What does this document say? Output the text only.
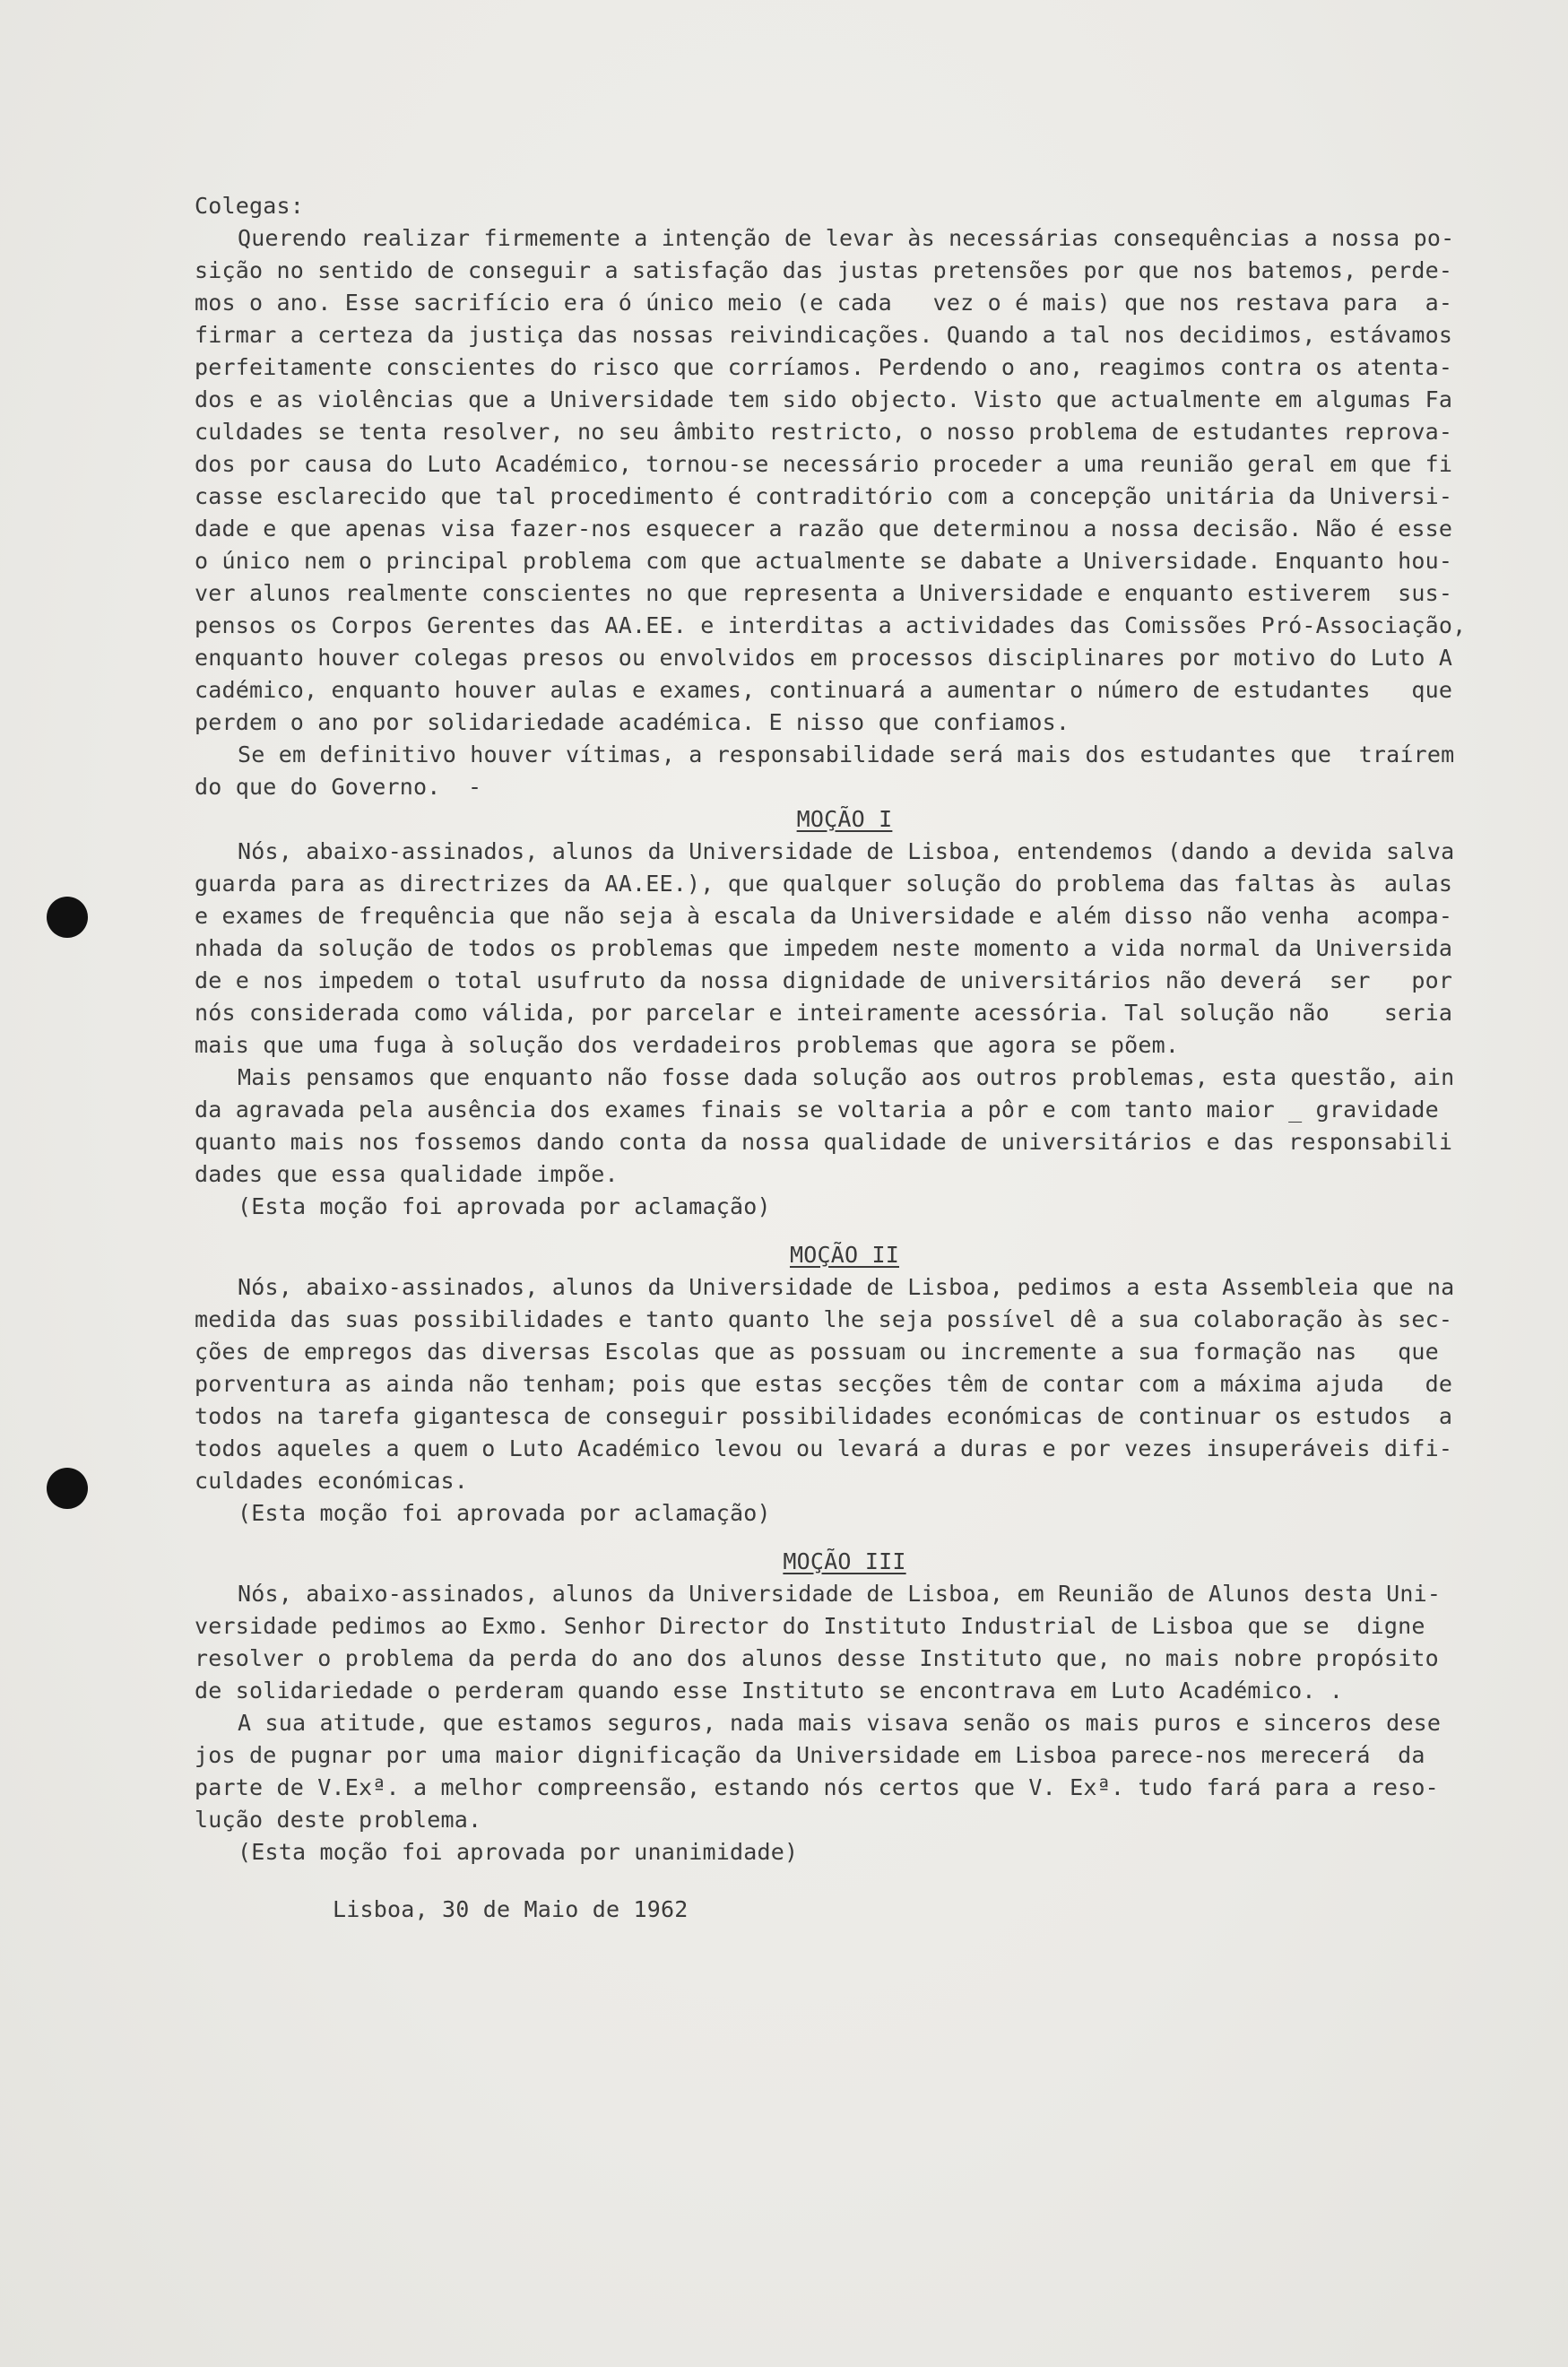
Colegas:
Querendo realizar firmemente a intenção de levar às necessárias consequências a nossa po-
sição no sentido de conseguir a satisfação das justas pretensões por que nos batemos, perde-
mos o ano. Esse sacrifício era ó único meio (e cada   vez o é mais) que nos restava para  a-
firmar a certeza da justiça das nossas reivindicações. Quando a tal nos decidimos, estávamos
perfeitamente conscientes do risco que corríamos. Perdendo o ano, reagimos contra os atenta-
dos e as violências que a Universidade tem sido objecto. Visto que actualmente em algumas Fa
culdades se tenta resolver, no seu âmbito restricto, o nosso problema de estudantes reprova-
dos por causa do Luto Académico, tornou-se necessário proceder a uma reunião geral em que fi
casse esclarecido que tal procedimento é contraditório com a concepção unitária da Universi-
dade e que apenas visa fazer-nos esquecer a razão que determinou a nossa decisão. Não é esse
o único nem o principal problema com que actualmente se dabate a Universidade. Enquanto hou-
ver alunos realmente conscientes no que representa a Universidade e enquanto estiverem  sus-
pensos os Corpos Gerentes das AA.EE. e interditas a actividades das Comissões Pró-Associação,
enquanto houver colegas presos ou envolvidos em processos disciplinares por motivo do Luto A
cadémico, enquanto houver aulas e exames, continuará a aumentar o número de estudantes   que
perdem o ano por solidariedade académica. E nisso que confiamos.
Se em definitivo houver vítimas, a responsabilidade será mais dos estudantes que  traírem
do que do Governo.  -
MOÇÃO I
Nós, abaixo-assinados, alunos da Universidade de Lisboa, entendemos (dando a devida salva
guarda para as directrizes da AA.EE.), que qualquer solução do problema das faltas às  aulas
e exames de frequência que não seja à escala da Universidade e além disso não venha  acompa-
nhada da solução de todos os problemas que impedem neste momento a vida normal da Universida
de e nos impedem o total usufruto da nossa dignidade de universitários não deverá  ser   por
nós considerada como válida, por parcelar e inteiramente acessória. Tal solução não    seria
mais que uma fuga à solução dos verdadeiros problemas que agora se põem.
Mais pensamos que enquanto não fosse dada solução aos outros problemas, esta questão, ain
da agravada pela ausência dos exames finais se voltaria a pôr e com tanto maior _ gravidade
quanto mais nos fossemos dando conta da nossa qualidade de universitários e das responsabili
dades que essa qualidade impõe.
(Esta moção foi aprovada por aclamação)
MOÇÃO II
Nós, abaixo-assinados, alunos da Universidade de Lisboa, pedimos a esta Assembleia que na
medida das suas possibilidades e tanto quanto lhe seja possível dê a sua colaboração às sec-
ções de empregos das diversas Escolas que as possuam ou incremente a sua formação nas   que
porventura as ainda não tenham; pois que estas secções têm de contar com a máxima ajuda   de
todos na tarefa gigantesca de conseguir possibilidades económicas de continuar os estudos  a
todos aqueles a quem o Luto Académico levou ou levará a duras e por vezes insuperáveis difi-
culdades económicas.
(Esta moção foi aprovada por aclamação)
MOÇÃO III
Nós, abaixo-assinados, alunos da Universidade de Lisboa, em Reunião de Alunos desta Uni-
versidade pedimos ao Exmo. Senhor Director do Instituto Industrial de Lisboa que se  digne
resolver o problema da perda do ano dos alunos desse Instituto que, no mais nobre propósito
de solidariedade o perderam quando esse Instituto se encontrava em Luto Académico. .
A sua atitude, que estamos seguros, nada mais visava senão os mais puros e sinceros dese
jos de pugnar por uma maior dignificação da Universidade em Lisboa parece-nos merecerá  da
parte de V.Exª. a melhor compreensão, estando nós certos que V. Exª. tudo fará para a reso-
lução deste problema.
(Esta moção foi aprovada por unanimidade)
Lisboa, 30 de Maio de 1962
